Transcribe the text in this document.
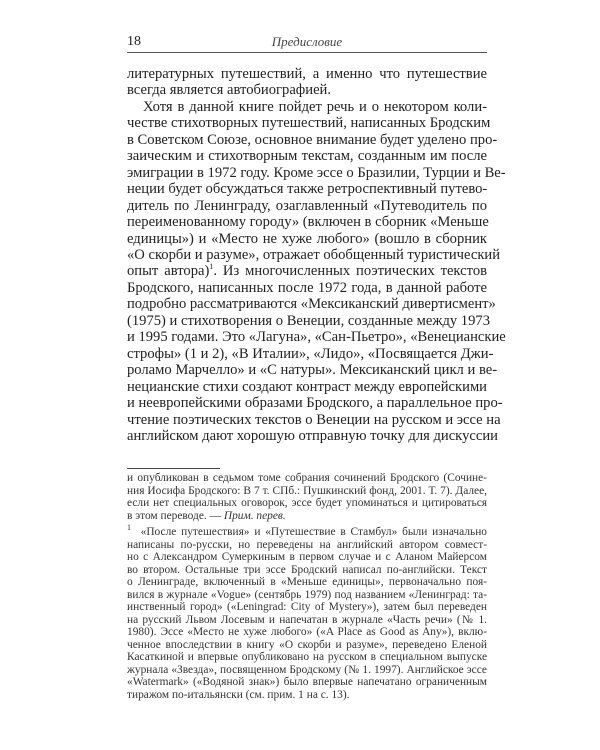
18	Предисловие
литературных путешествий, а именно что путешествие
всегда является автобиографией.
Хотя в данной книге пойдет речь и о некотором коли-
честве стихотворных путешествий, написанных Бродским
в Советском Союзе, основное внимание будет уделено про-
заическим и стихотворным текстам, созданным им после
эмиграции в 1972 году. Кроме эссе о Бразилии, Турции и Ве-
неции будет обсуждаться также ретроспективный путево-
дитель по Ленинграду, озаглавленный «Путеводитель по
переименованному городу» (включен в сборник «Меньше
единицы») и «Место не хуже любого» (вошло в сборник
«О скорби и разуме», отражает обобщенный туристический
опыт автора)$^1$. Из многочисленных поэтических текстов
Бродского, написанных после 1972 года, в данной работе
подробно рассматриваются «Мексиканский дивертисмент»
(1975) и стихотворения о Венеции, созданные между 1973
и 1995 годами. Это «Лагуна», «Сан-Пьетро», «Венецианские
строфы» (1 и 2), «В Италии», «Лидо», «Посвящается Джи-
роламо Марчелло» и «С натуры». Мексиканский цикл и ве-
нецианские стихи создают контраст между европейскими
и неевропейскими образами Бродского, а параллельное про-
чтение поэтических текстов о Венеции на русском и эссе на
английском дают хорошую отправную точку для дискуссии
и опубликован в седьмом томе собрания сочинений Бродского (Сочине-
ния Иосифа Бродского: В 7 т. СПб.: Пушкинский фонд, 2001. Т. 7). Далее,
если нет специальных оговорок, эссе будет упоминаться и цитироваться
в этом переводе. — Прим. перев.
$^1$ «После путешествия» и «Путешествие в Стамбул» были изначально
написаны по-русски, но переведены на английский автором совмест-
но с Александром Сумеркиным в первом случае и с Аланом Майерсом
во втором. Остальные три эссе Бродский написал по-английски. Текст
о Ленинграде, включенный в «Меньше единицы», первоначально поя-
вился в журнале «Vogue» (сентябрь 1979) под названием «Ленинград: та-
инственный город» («Leningrad: City of Mystery»), затем был переведен
на русский Львом Лосевым и напечатан в журнале «Часть речи» (№ 1.
1980). Эссе «Место не хуже любого» («A Place as Good as Any»), вклю-
ченное впоследствии в книгу «О скорби и разуме», переведено Еленой
Касаткиной и впервые опубликовано на русском в специальном выпуске
журнала «Звезда», посвященном Бродскому (№ 1. 1997). Английское эссе
«Watermark» («Водяной знак») было впервые напечатано ограниченным
тиражом по-итальянски (см. прим. 1 на с. 13).
